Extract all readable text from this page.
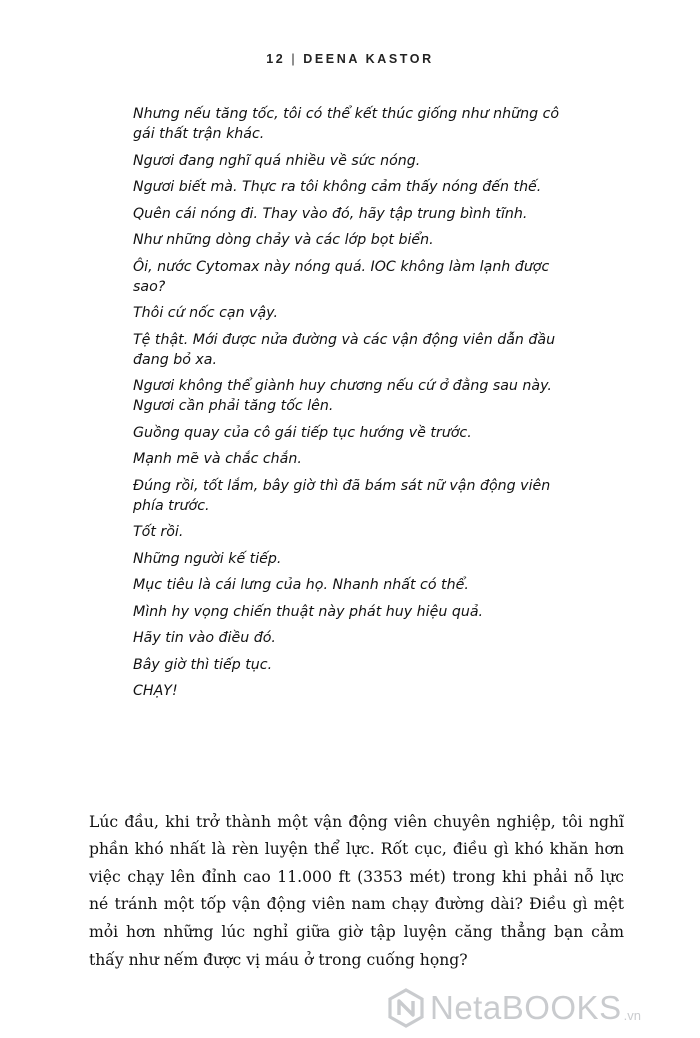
12 | DEENA KASTOR

Nhưng nếu tăng tốc, tôi có thể kết thúc giống như những cô gái thất trận khác.

Ngươi đang nghĩ quá nhiều về sức nóng.

Ngươi biết mà. Thực ra tôi không cảm thấy nóng đến thế.

Quên cái nóng đi. Thay vào đó, hãy tập trung bình tĩnh.

Như những dòng chảy và các lớp bọt biển.

Ôi, nước Cytomax này nóng quá. IOC không làm lạnh được sao?

Thôi cứ nốc cạn vậy.

Tệ thật. Mới được nửa đường và các vận động viên dẫn đầu đang bỏ xa.

Ngươi không thể giành huy chương nếu cứ ở đằng sau này. Ngươi cần phải tăng tốc lên.

Guồng quay của cô gái tiếp tục hướng về trước.

Mạnh mẽ và chắc chắn.

Đúng rồi, tốt lắm, bây giờ thì đã bám sát nữ vận động viên phía trước.

Tốt rồi.

Những người kế tiếp.

Mục tiêu là cái lưng của họ. Nhanh nhất có thể.

Mình hy vọng chiến thuật này phát huy hiệu quả.

Hãy tin vào điều đó.

Bây giờ thì tiếp tục.

CHẠY!

Lúc đầu, khi trở thành một vận động viên chuyên nghiệp, tôi nghĩ phần khó nhất là rèn luyện thể lực. Rốt cục, điều gì khó khăn hơn việc chạy lên đỉnh cao 11.000 ft (3353 mét) trong khi phải nỗ lực né tránh một tốp vận động viên nam chạy đường dài? Điều gì mệt mỏi hơn những lúc nghỉ giữa giờ tập luyện căng thẳng bạn cảm thấy như nếm được vị máu ở trong cuống họng?

NetaBOOKS .vn
